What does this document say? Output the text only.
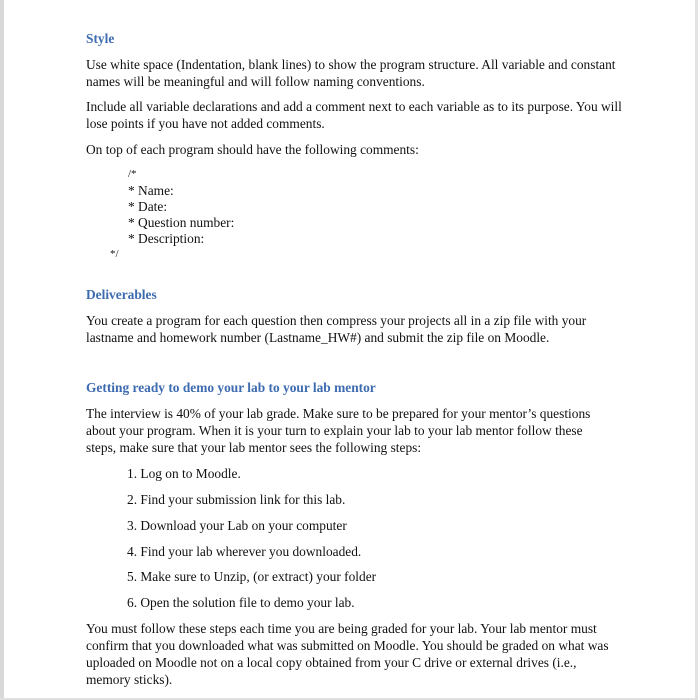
Style

Use white space (Indentation, blank lines) to show the program structure. All variable and constant names will be meaningful and will follow naming conventions.

Include all variable declarations and add a comment next to each variable as to its purpose. You will lose points if you have not added comments.

On top of each program should have the following comments:

/*

* Name:

* Date:

* Question number:

* Description:

*/

Deliverables

You create a program for each question then compress your projects all in a zip file with your lastname and homework number (Lastname_HW#) and submit the zip file on Moodle.

Getting ready to demo your lab to your lab mentor

The interview is 40% of your lab grade. Make sure to be prepared for your mentor’s questions about your program. When it is your turn to explain your lab to your lab mentor follow these steps, make sure that your lab mentor sees the following steps:

1. Log on to Moodle.
2. Find your submission link for this lab.
3. Download your Lab on your computer
4. Find your lab wherever you downloaded.
5. Make sure to Unzip, (or extract) your folder
6. Open the solution file to demo your lab.

You must follow these steps each time you are being graded for your lab. Your lab mentor must confirm that you downloaded what was submitted on Moodle. You should be graded on what was uploaded on Moodle not on a local copy obtained from your C drive or external drives (i.e., memory sticks).
